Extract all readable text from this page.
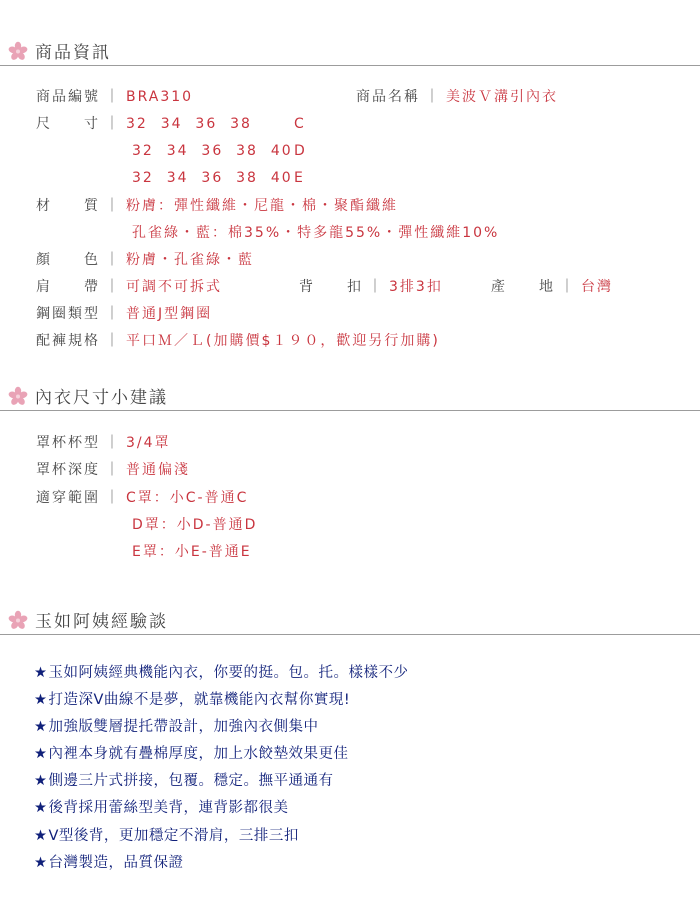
商品資訊
商品編號 ｜ BRA310	商品名稱 ｜ 美波Ｖ溝引內衣
尺　　寸 ｜ 32  34  36  38	C
32  34  36  38  40 D
32  34  36  38  40 E
材　　質 ｜ 粉膚：彈性纖維・尼龍・棉・聚酯纖維
孔雀綠・藍：棉35%・特多龍55%・彈性纖維10%
顏　　色 ｜ 粉膚・孔雀綠・藍
肩　　帶 ｜ 可調不可拆式	背　　扣 ｜ 3排3扣	產　　地 ｜ 台灣
鋼圈類型 ｜ 普通J型鋼圈
配褲規格 ｜ 平口Ｍ／Ｌ(加購價$１９０，歡迎另行加購)
內衣尺寸小建議
罩杯杯型 ｜ 3/4罩
罩杯深度 ｜ 普通偏淺
適穿範圍 ｜ C罩：小C-普通C
D罩：小D-普通D
E罩：小E-普通E
玉如阿姨經驗談
★玉如阿姨經典機能內衣，你要的挺。包。托。樣樣不少
★打造深V曲線不是夢，就靠機能內衣幫你實現!
★加強版雙層提托帶設計，加強內衣側集中
★內裡本身就有疊棉厚度，加上水餃墊效果更佳
★側邊三片式拼接，包覆。穩定。撫平通通有
★後背採用蕾絲型美背，連背影都很美
★V型後背，更加穩定不滑肩，三排三扣
★台灣製造，品質保證
